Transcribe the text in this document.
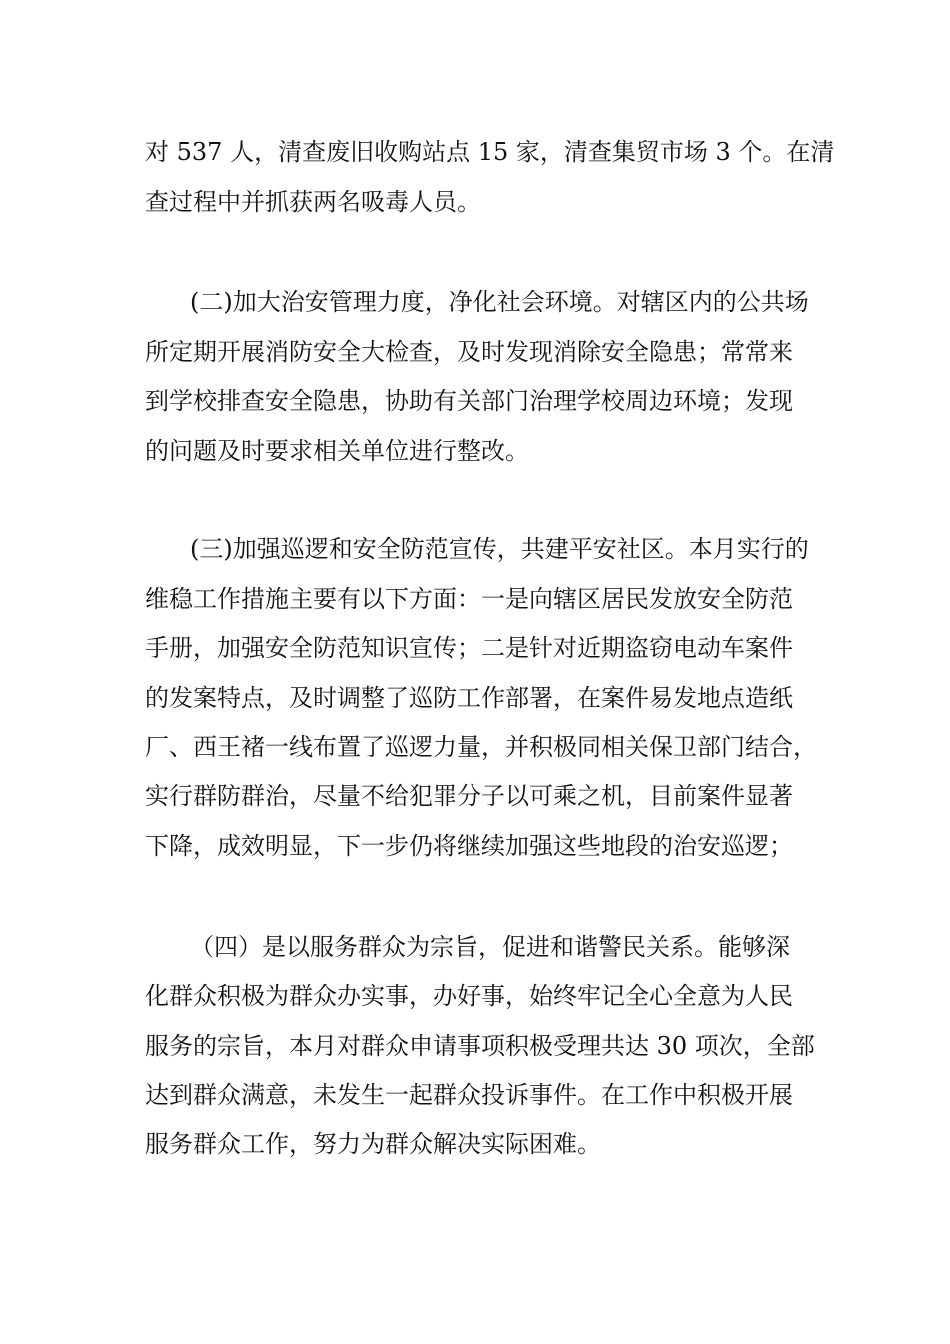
对 537 人，清查废旧收购站点 15 家，清查集贸市场 3 个。在清
查过程中并抓获两名吸毒人员。
(二)加大治安管理力度，净化社会环境。对辖区内的公共场
所定期开展消防安全大检查，及时发现消除安全隐患；常常来
到学校排查安全隐患，协助有关部门治理学校周边环境；发现
的问题及时要求相关单位进行整改。
(三)加强巡逻和安全防范宣传，共建平安社区。本月实行的
维稳工作措施主要有以下方面：一是向辖区居民发放安全防范
手册，加强安全防范知识宣传；二是针对近期盗窃电动车案件
的发案特点，及时调整了巡防工作部署，在案件易发地点造纸
厂、西王褚一线布置了巡逻力量，并积极同相关保卫部门结合，
实行群防群治，尽量不给犯罪分子以可乘之机，目前案件显著
下降，成效明显，下一步仍将继续加强这些地段的治安巡逻；
（四）是以服务群众为宗旨，促进和谐警民关系。能够深
化群众积极为群众办实事，办好事，始终牢记全心全意为人民
服务的宗旨，本月对群众申请事项积极受理共达 30 项次，全部
达到群众满意，未发生一起群众投诉事件。在工作中积极开展
服务群众工作，努力为群众解决实际困难。
